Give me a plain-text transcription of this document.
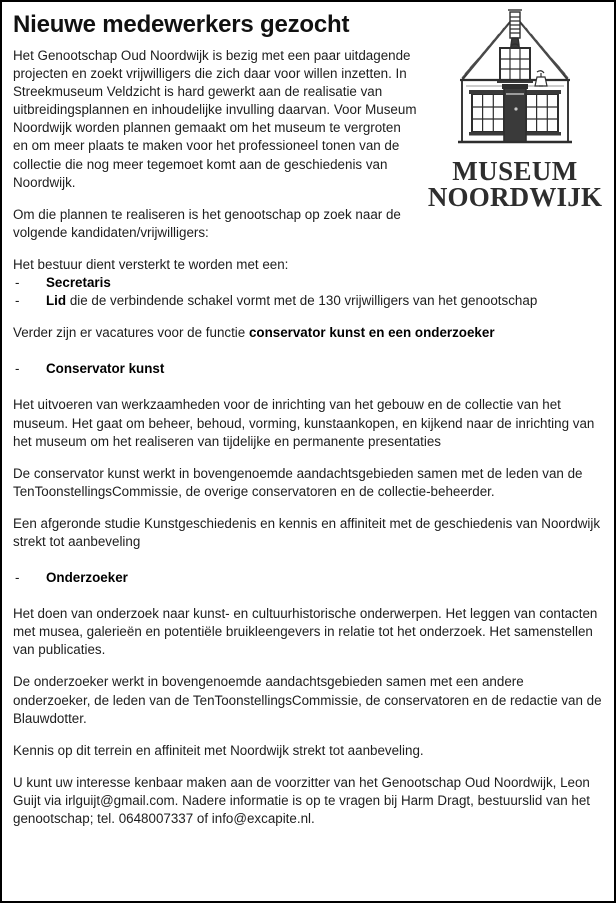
MUSEUM
NOORDWIJK
Nieuwe medewerkers gezocht

Het Genootschap Oud Noordwijk is bezig met een paar uitdagende projecten en zoekt vrijwilligers die zich daar voor willen inzetten. In Streekmuseum Veldzicht is hard gewerkt aan de realisatie van uitbreidingsplannen en inhoudelijke invulling daarvan. Voor Museum Noordwijk worden plannen gemaakt om het museum te vergroten en om meer plaats te maken voor het professioneel tonen van de collectie die nog meer tegemoet komt aan de geschiedenis van Noordwijk.

Om die plannen te realiseren is het genootschap op zoek naar de volgende kandidaten/vrijwilligers:

Het bestuur dient versterkt te worden met een:

- Secretaris
- Lid die de verbindende schakel vormt met de 130 vrijwilligers van het genootschap

Verder zijn er vacatures voor de functie conservator kunst en een onderzoeker

- Conservator kunst

Het uitvoeren van werkzaamheden voor de inrichting van het gebouw en de collectie van het museum. Het gaat om beheer, behoud, vorming, kunstaankopen, en kijkend naar de inrichting van het museum om het realiseren van tijdelijke en permanente presentaties

De conservator kunst werkt in bovengenoemde aandachtsgebieden samen met de leden van de TenToonstellingsCommissie, de overige conservatoren en de collectie-beheerder.

Een afgeronde studie Kunstgeschiedenis en kennis en affiniteit met de geschiedenis van Noordwijk strekt tot aanbeveling

- Onderzoeker

Het doen van onderzoek naar kunst- en cultuurhistorische onderwerpen. Het leggen van contacten met musea, galerieën en potentiële bruikleengevers in relatie tot het onderzoek. Het samenstellen van publicaties.

De onderzoeker werkt in bovengenoemde aandachtsgebieden samen met een andere onderzoeker, de leden van de TenToonstellingsCommissie, de conservatoren en de redactie van de Blauwdotter.

Kennis op dit terrein en affiniteit met Noordwijk strekt tot aanbeveling.

U kunt uw interesse kenbaar maken aan de voorzitter van het Genootschap Oud Noordwijk, Leon Guijt via irlguijt@gmail.com. Nadere informatie is op te vragen bij Harm Dragt, bestuurslid van het genootschap; tel. 0648007337 of info@excapite.nl.
